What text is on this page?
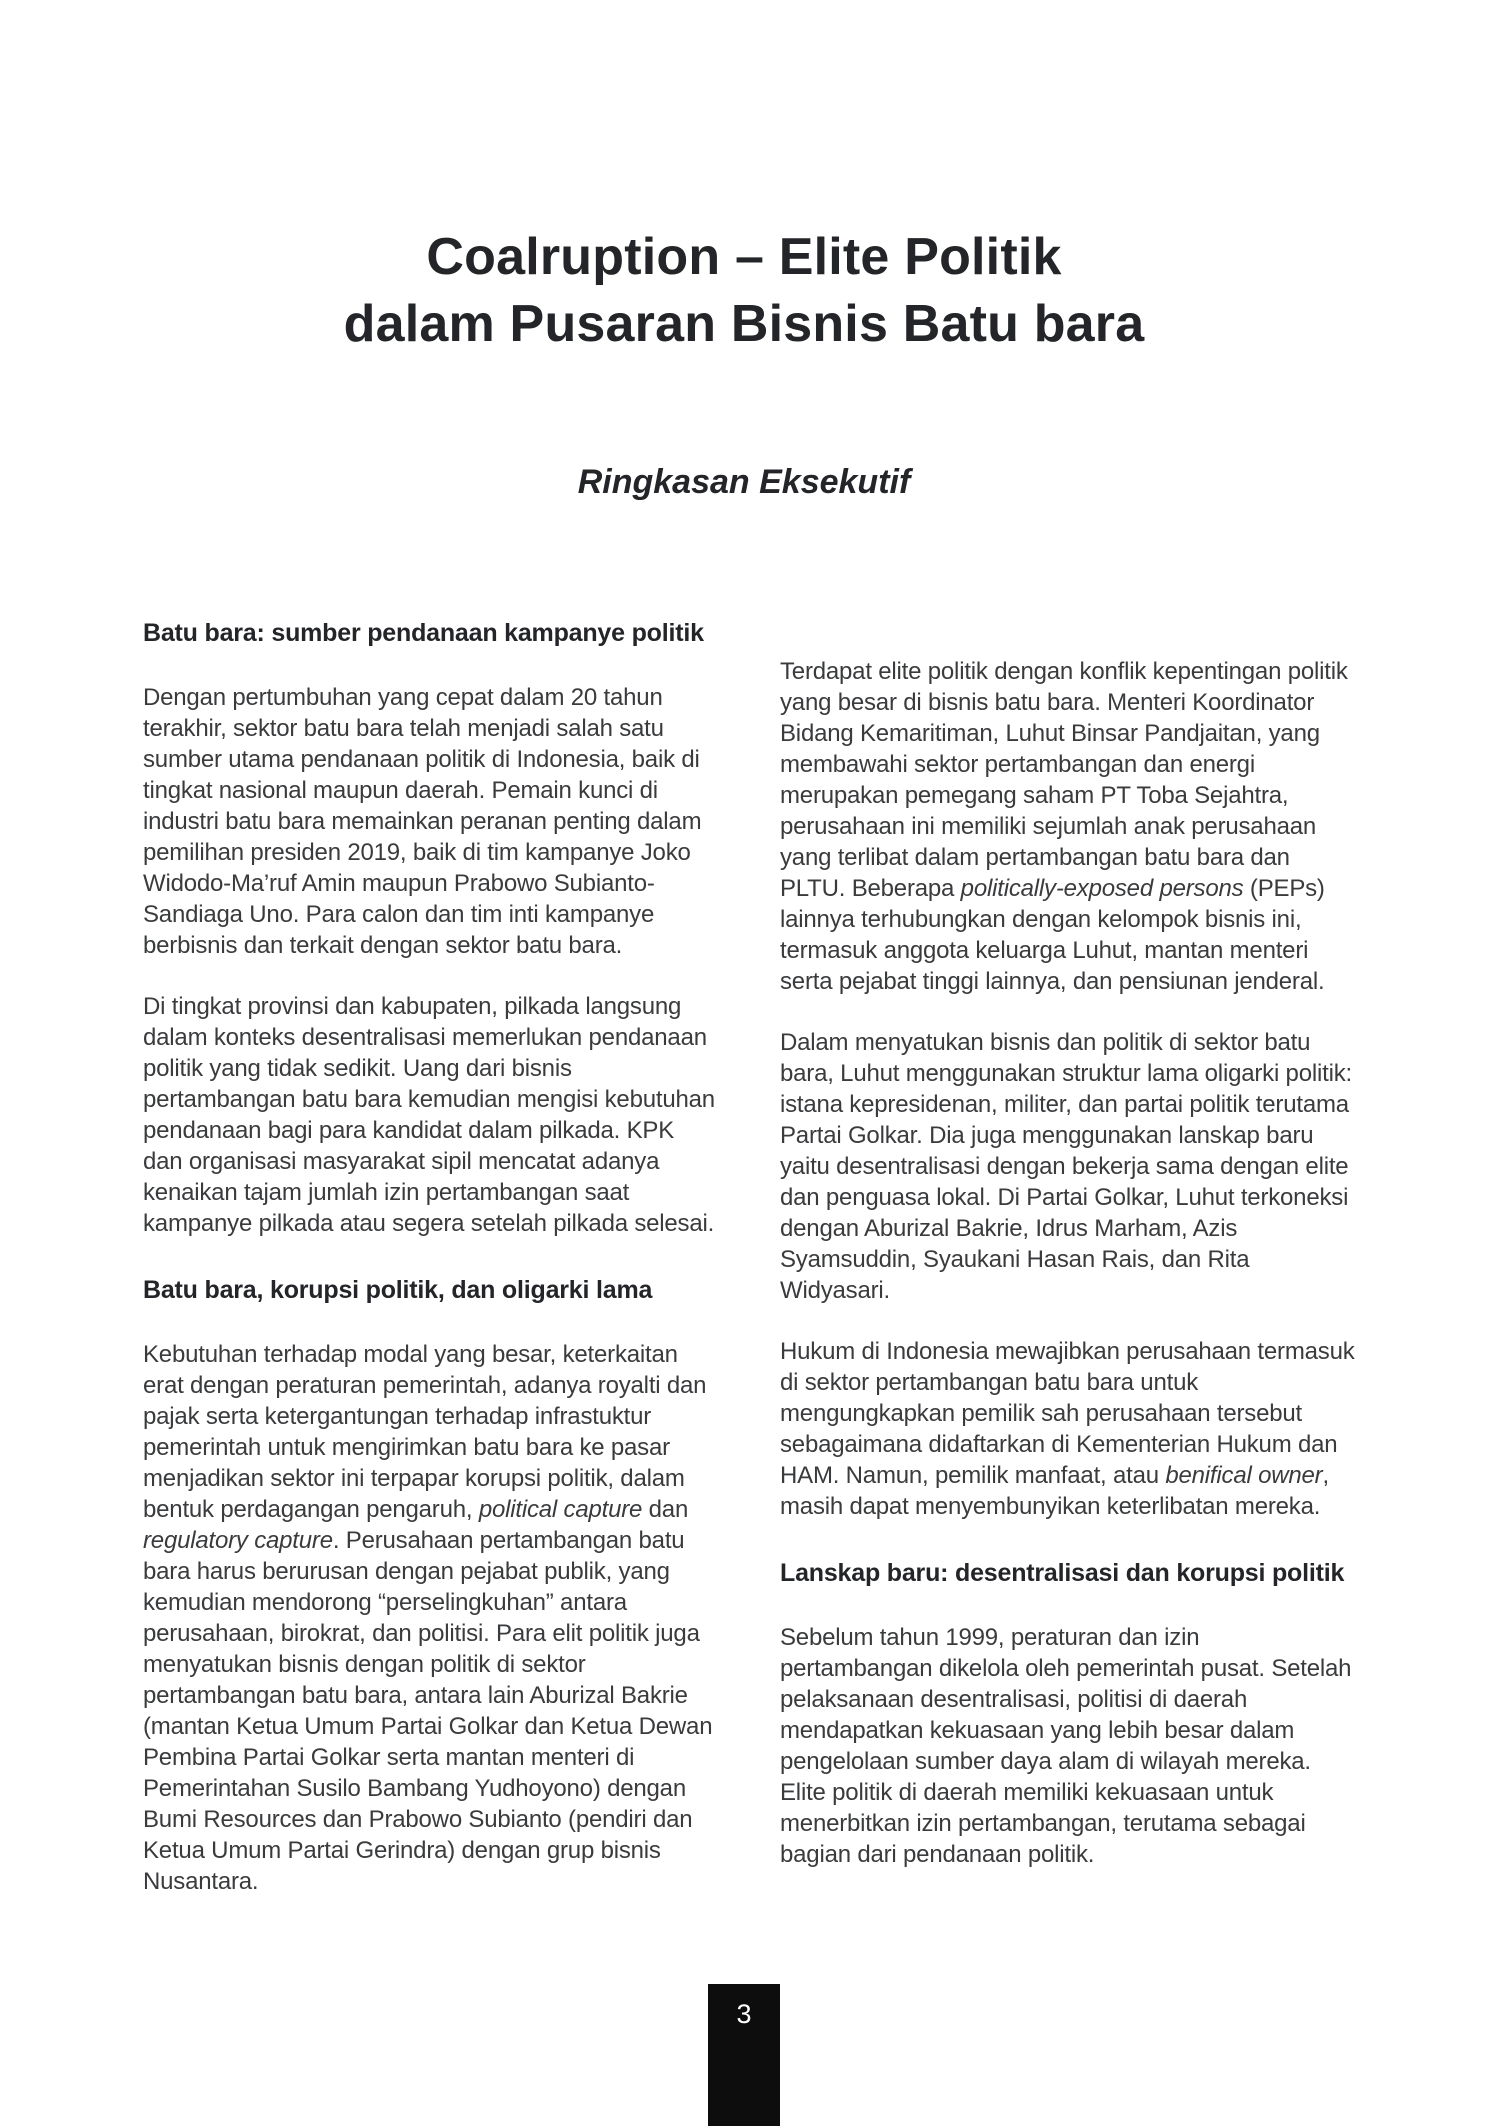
Coalruption – Elite Politik
dalam Pusaran Bisnis Batu bara
Ringkasan Eksekutif
Batu bara: sumber pendanaan kampanye politik

Dengan pertumbuhan yang cepat dalam 20 tahun terakhir, sektor batu bara telah menjadi salah satu sumber utama pendanaan politik di Indonesia, baik di tingkat nasional maupun daerah. Pemain kunci di industri batu bara memainkan peranan penting dalam pemilihan presiden 2019, baik di tim kampanye Joko Widodo-Ma’ruf Amin maupun Prabowo Subianto-Sandiaga Uno. Para calon dan tim inti kampanye berbisnis dan terkait dengan sektor batu bara.

Di tingkat provinsi dan kabupaten, pilkada langsung dalam konteks desentralisasi memerlukan pendanaan politik yang tidak sedikit. Uang dari bisnis pertambangan batu bara kemudian mengisi kebutuhan pendanaan bagi para kandidat dalam pilkada. KPK dan organisasi masyarakat sipil mencatat adanya kenaikan tajam jumlah izin pertambangan saat kampanye pilkada atau segera setelah pilkada selesai.

Batu bara, korupsi politik, dan oligarki lama

Kebutuhan terhadap modal yang besar, keterkaitan erat dengan peraturan pemerintah, adanya royalti dan pajak serta ketergantungan terhadap infrastuktur pemerintah untuk mengirimkan batu bara ke pasar menjadikan sektor ini terpapar korupsi politik, dalam bentuk perdagangan pengaruh, political capture dan regulatory capture. Perusahaan pertambangan batu bara harus berurusan dengan pejabat publik, yang kemudian mendorong “perselingkuhan” antara perusahaan, birokrat, dan politisi. Para elit politik juga menyatukan bisnis dengan politik di sektor pertambangan batu bara, antara lain Aburizal Bakrie (mantan Ketua Umum Partai Golkar dan Ketua Dewan Pembina Partai Golkar serta mantan menteri di Pemerintahan Susilo Bambang Yudhoyono) dengan Bumi Resources dan Prabowo Subianto (pendiri dan Ketua Umum Partai Gerindra) dengan grup bisnis Nusantara.

Terdapat elite politik dengan konflik kepentingan politik yang besar di bisnis batu bara. Menteri Koordinator Bidang Kemaritiman, Luhut Binsar Pandjaitan, yang membawahi sektor pertambangan dan energi merupakan pemegang saham PT Toba Sejahtra, perusahaan ini memiliki sejumlah anak perusahaan yang terlibat dalam pertambangan batu bara dan PLTU. Beberapa politically-exposed persons (PEPs) lainnya terhubungkan dengan kelompok bisnis ini, termasuk anggota keluarga Luhut, mantan menteri serta pejabat tinggi lainnya, dan pensiunan jenderal.

Dalam menyatukan bisnis dan politik di sektor batu bara, Luhut menggunakan struktur lama oligarki politik: istana kepresidenan, militer, dan partai politik terutama Partai Golkar. Dia juga menggunakan lanskap baru yaitu desentralisasi dengan bekerja sama dengan elite dan penguasa lokal. Di Partai Golkar, Luhut terkoneksi dengan Aburizal Bakrie, Idrus Marham, Azis Syamsuddin, Syaukani Hasan Rais, dan Rita Widyasari.

Hukum di Indonesia mewajibkan perusahaan termasuk di sektor pertambangan batu bara untuk mengungkapkan pemilik sah perusahaan tersebut sebagaimana didaftarkan di Kementerian Hukum dan HAM. Namun, pemilik manfaat, atau benifical owner, masih dapat menyembunyikan keterlibatan mereka.

Lanskap baru: desentralisasi dan korupsi politik

Sebelum tahun 1999, peraturan dan izin pertambangan dikelola oleh pemerintah pusat. Setelah pelaksanaan desentralisasi, politisi di daerah mendapatkan kekuasaan yang lebih besar dalam pengelolaan sumber daya alam di wilayah mereka. Elite politik di daerah memiliki kekuasaan untuk menerbitkan izin pertambangan, terutama sebagai bagian dari pendanaan politik.

3
